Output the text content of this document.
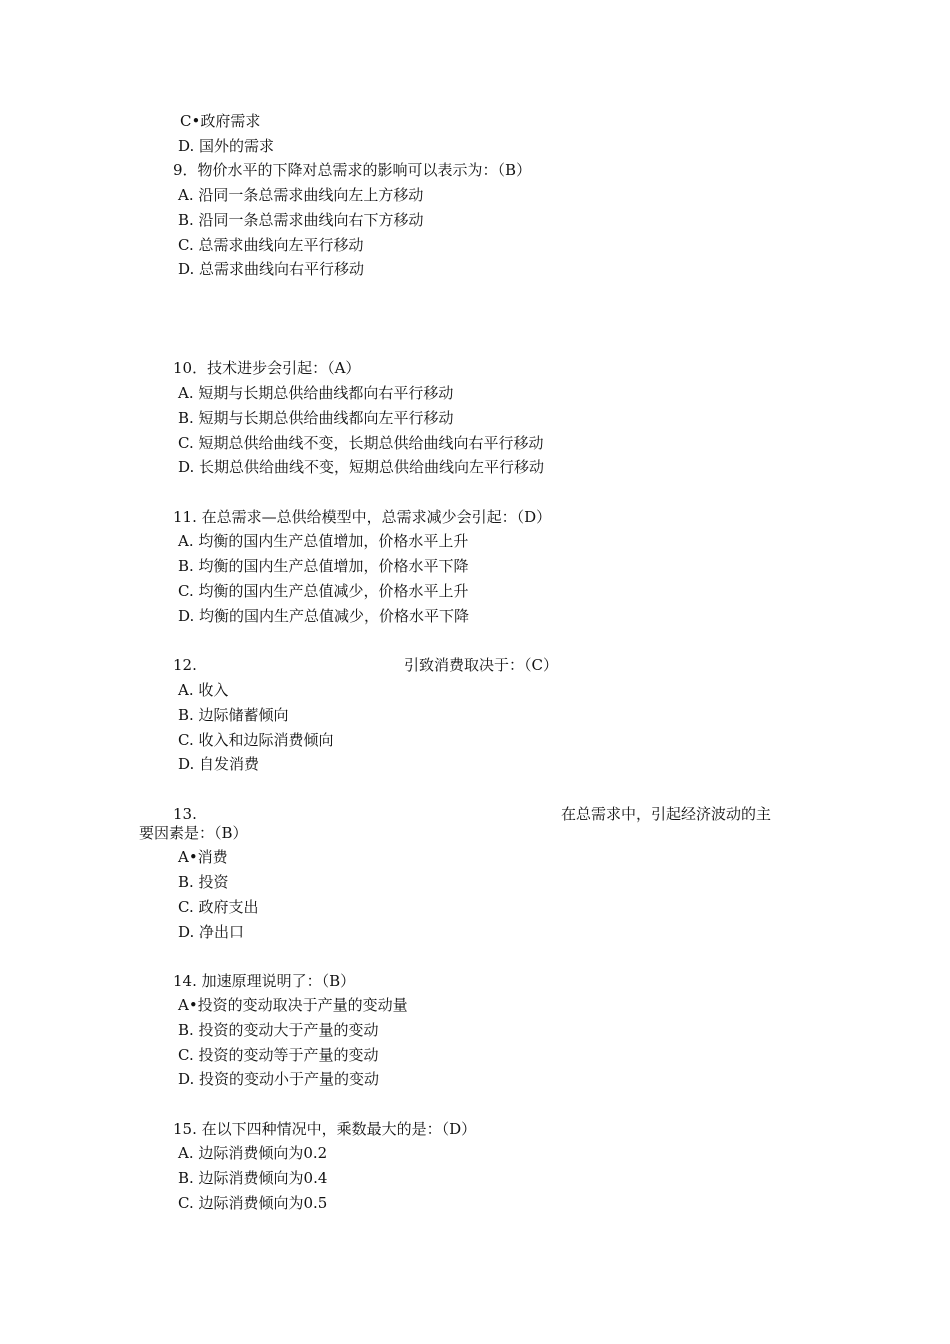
C•政府需求
D. 国外的需求
9．物价水平的下降对总需求的影响可以表示为：（B）
A. 沿同一条总需求曲线向左上方移动
B. 沿同一条总需求曲线向右下方移动
C. 总需求曲线向左平行移动
D. 总需求曲线向右平行移动
10．技术进步会引起：（A）
A. 短期与长期总供给曲线都向右平行移动
B. 短期与长期总供给曲线都向左平行移动
C. 短期总供给曲线不变，长期总供给曲线向右平行移动
D. 长期总供给曲线不变，短期总供给曲线向左平行移动
11. 在总需求—总供给模型中，总需求减少会引起：（D）
A. 均衡的国内生产总值增加，价格水平上升
B. 均衡的国内生产总值增加，价格水平下降
C. 均衡的国内生产总值减少，价格水平上升
D. 均衡的国内生产总值减少，价格水平下降
12.	引致消费取决于：（C）
A. 收入
B. 边际储蓄倾向
C. 收入和边际消费倾向
D. 自发消费
13.	在总需求中，引起经济波动的主
要因素是：（B）
A•消费
B. 投资
C. 政府支出
D. 净出口
14. 加速原理说明了：（B）
A•投资的变动取决于产量的变动量
B. 投资的变动大于产量的变动
C. 投资的变动等于产量的变动
D. 投资的变动小于产量的变动
15. 在以下四种情况中，乘数最大的是：（D）
A. 边际消费倾向为0.2
B. 边际消费倾向为0.4
C. 边际消费倾向为0.5
